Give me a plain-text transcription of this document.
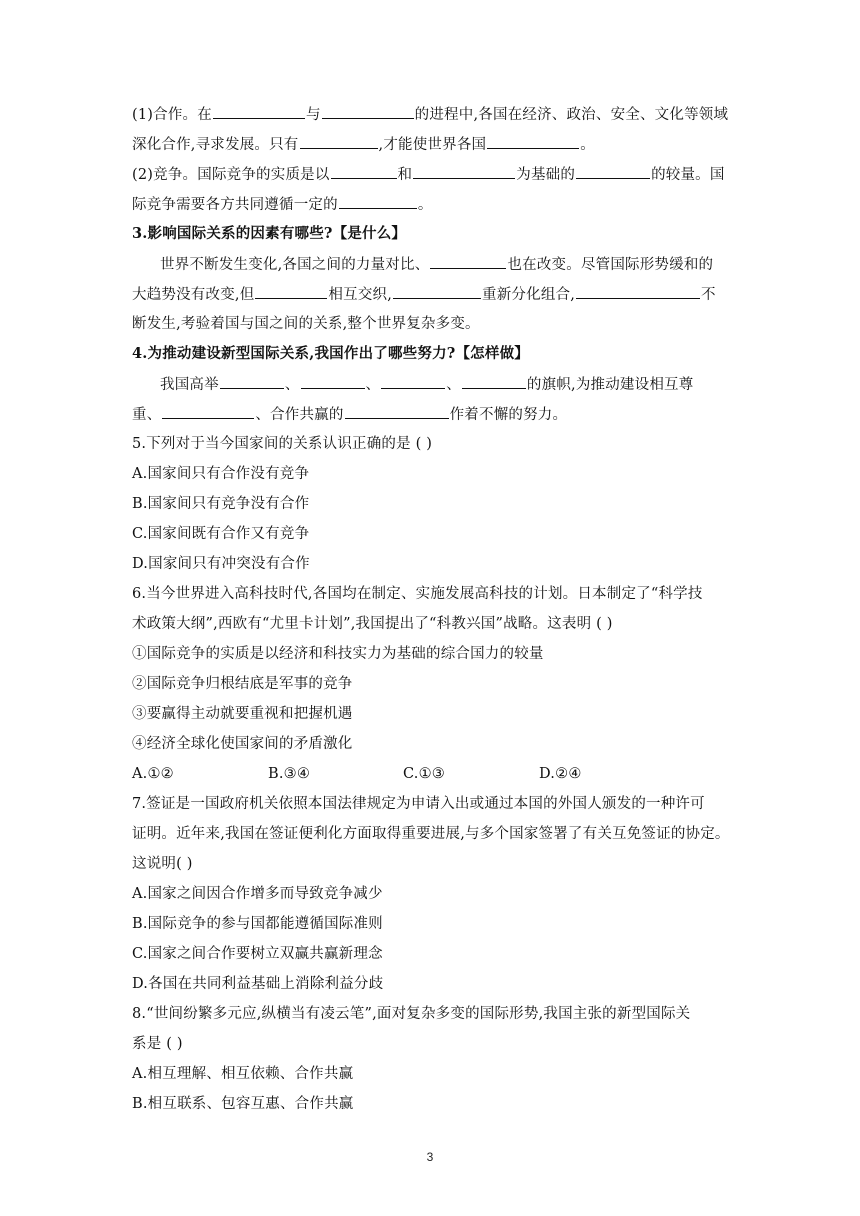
(1)合作。在	与	的进程中,各国在经济、政治、安全、文化等领域
深化合作,寻求发展。只有	,才能使世界各国	。
(2)竞争。国际竞争的实质是以	和	为基础的	的较量。国
际竞争需要各方共同遵循一定的	。
3.影响国际关系的因素有哪些?【是什么】
世界不断发生变化,各国之间的力量对比、	也在改变。尽管国际形势缓和的
大趋势没有改变,但	相互交织,	重新分化组合,	不
断发生,考验着国与国之间的关系,整个世界复杂多变。
4.为推动建设新型国际关系,我国作出了哪些努力?【怎样做】
我国高举	、	、	、	的旗帜,为推动建设相互尊
重、	、合作共赢的	作着不懈的努力。
5.下列对于当今国家间的关系认识正确的是 ( )
A.国家间只有合作没有竞争
B.国家间只有竞争没有合作
C.国家间既有合作又有竞争
D.国家间只有冲突没有合作
6.当今世界进入高科技时代,各国均在制定、实施发展高科技的计划。日本制定了“科学技
术政策大纲”,西欧有“尤里卡计划”,我国提出了“科教兴国”战略。这表明 ( )
①国际竞争的实质是以经济和科技实力为基础的综合国力的较量
②国际竞争归根结底是军事的竞争
③要赢得主动就要重视和把握机遇
④经济全球化使国家间的矛盾激化
A.①②	B.③④	C.①③	D.②④
7.签证是一国政府机关依照本国法律规定为申请入出或通过本国的外国人颁发的一种许可
证明。近年来,我国在签证便利化方面取得重要进展,与多个国家签署了有关互免签证的协定。
这说明( )
A.国家之间因合作增多而导致竞争减少
B.国际竞争的参与国都能遵循国际准则
C.国家之间合作要树立双赢共赢新理念
D.各国在共同利益基础上消除利益分歧
8.“世间纷繁多元应,纵横当有凌云笔”,面对复杂多变的国际形势,我国主张的新型国际关
系是 ( )
A.相互理解、相互依赖、合作共赢
B.相互联系、包容互惠、合作共赢
3
